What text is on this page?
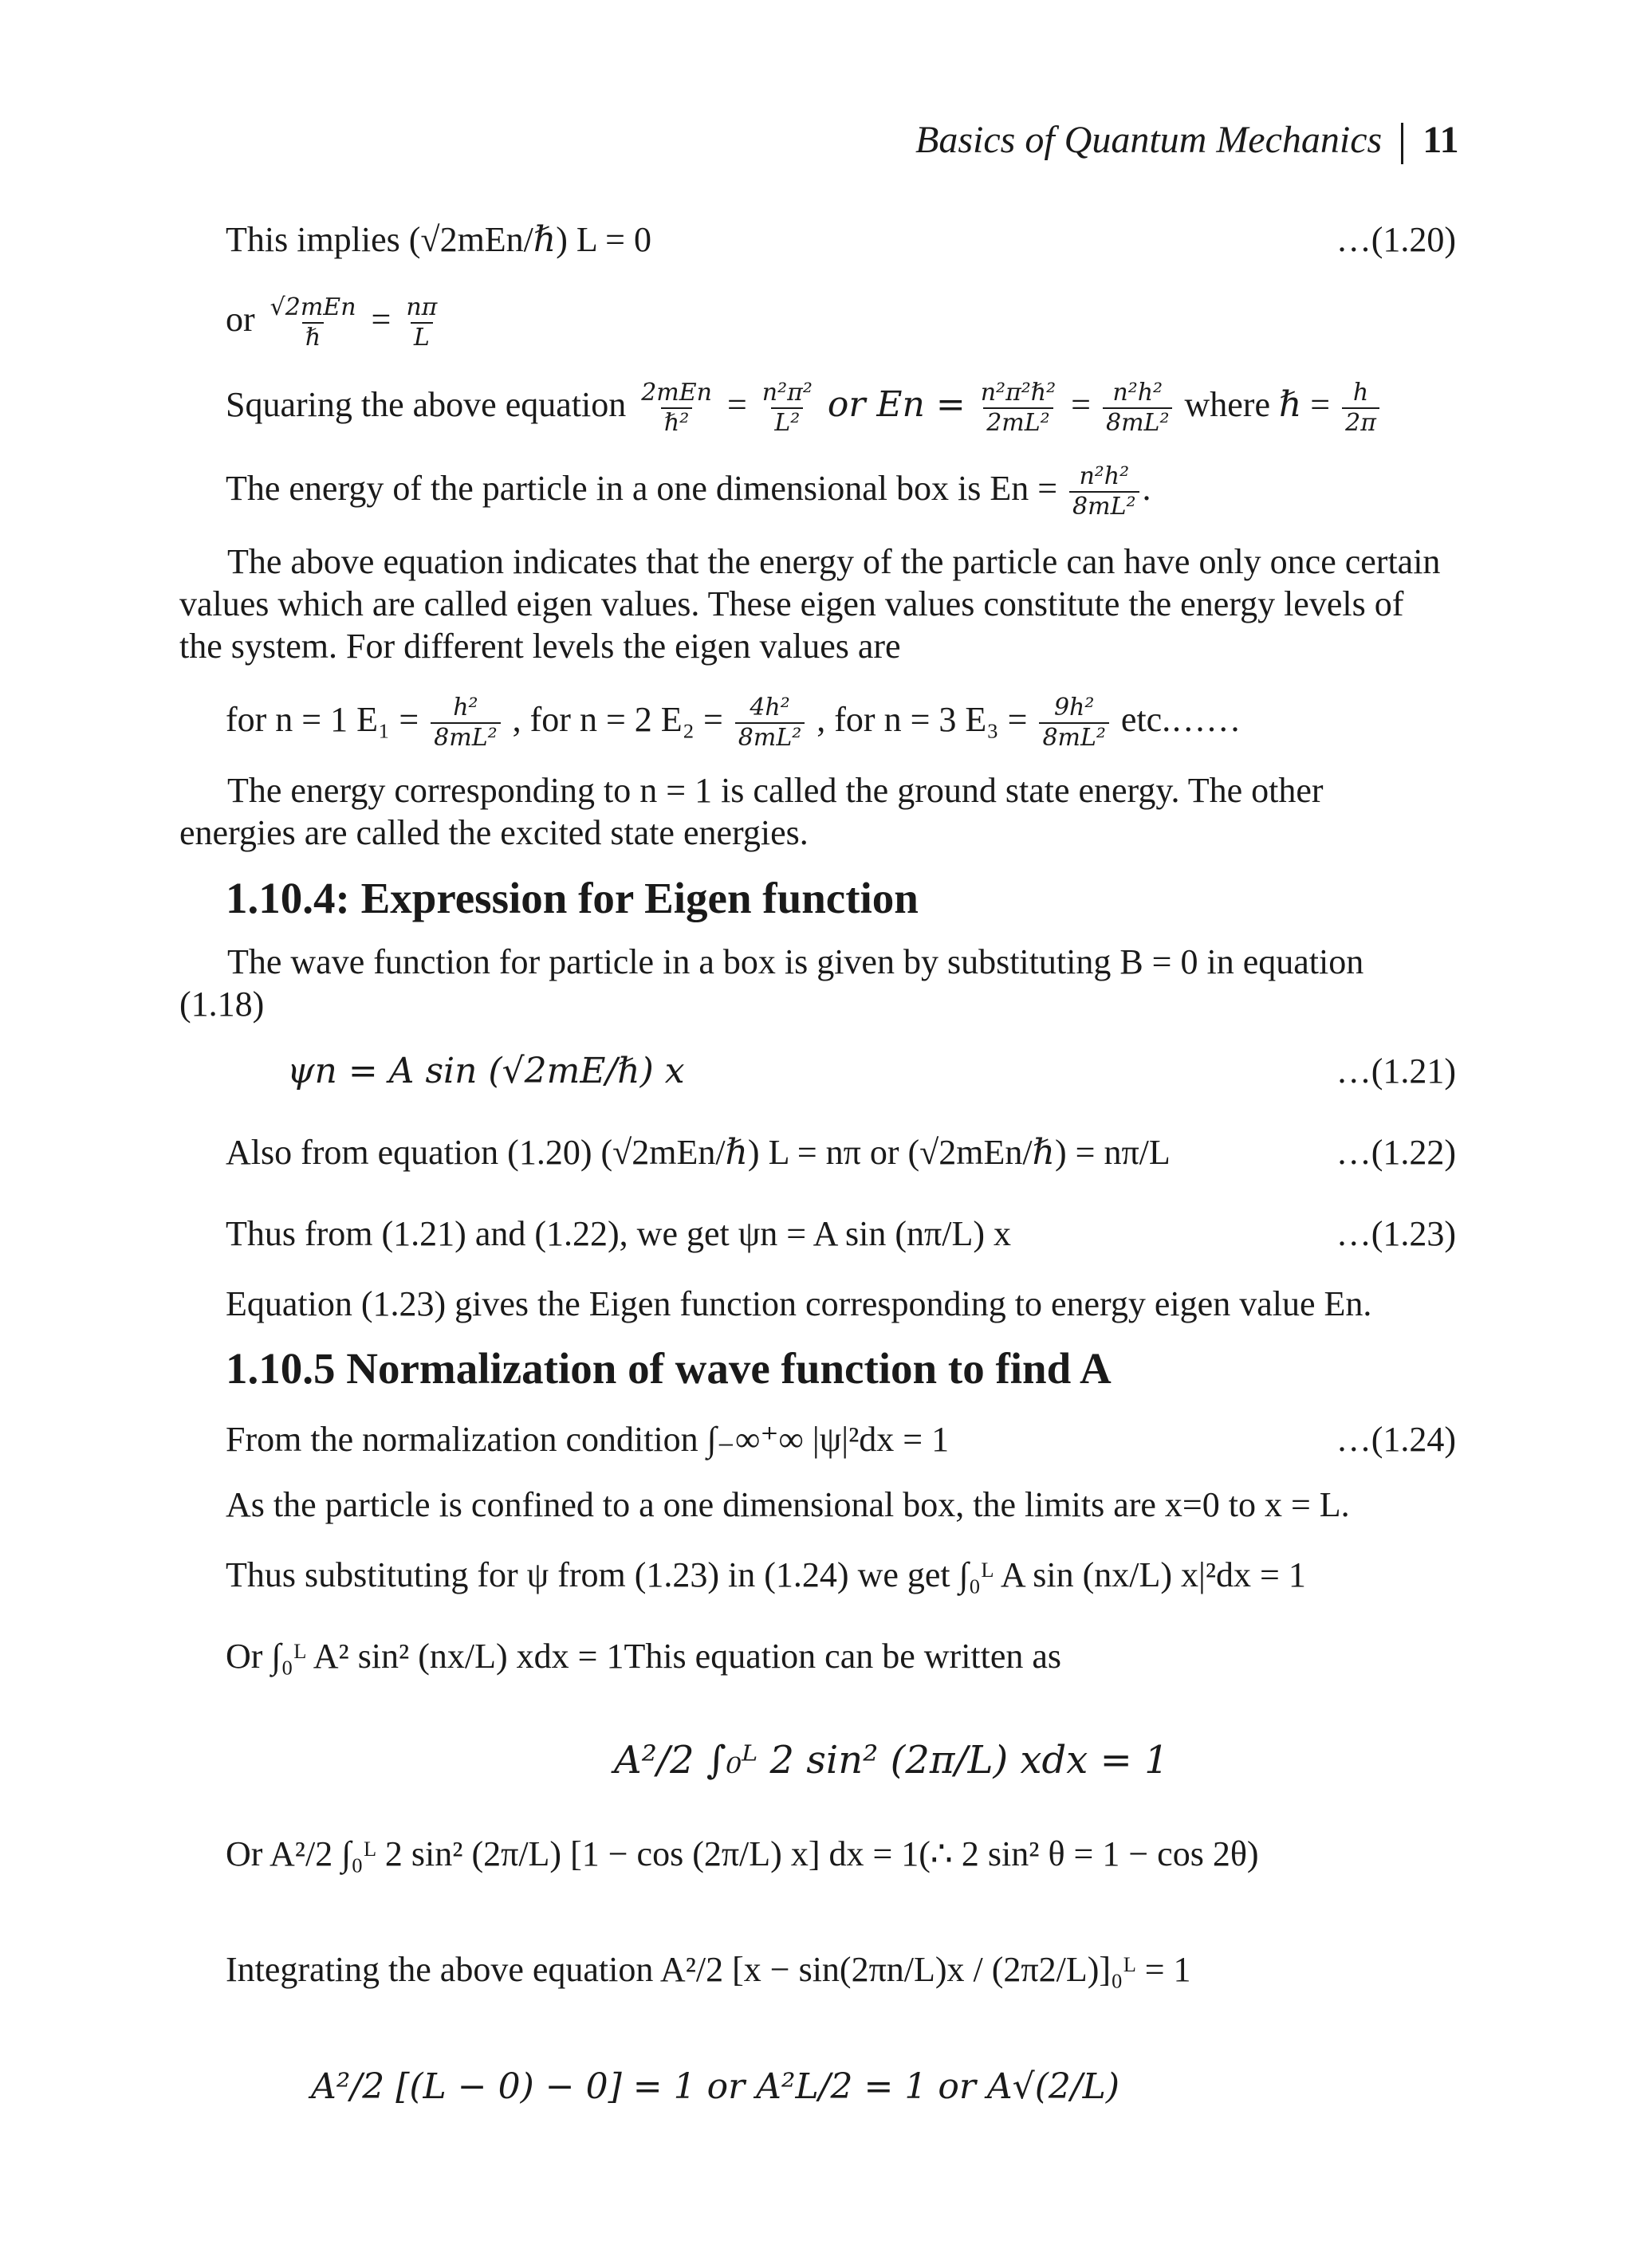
Basics of Quantum Mechanics 11
This implies (√2mEn/ℏ) L = 0	…(1.20)
or $\frac{\text{√2mEn}}{\text{ℏ}} = \frac{n\pi}{L}$
Squaring the above equation $\frac{\text{2mEn}}{\text{ℏ²}} = \frac{\text{n²π²}}{\text{L²}}$ or $En = \frac{\text{n²π²ℏ²}}{\text{2mL²}} = \frac{\text{n²h²}}{\text{8mL²}}$ where ℏ = $\frac{h}{2\pi}$
The energy of the particle in a one dimensional box is $En = \frac{\text{n²h²}}{\text{8mL²}}$ .
The above equation indicates that the energy of the particle can have only once certain values which are called eigen values. These eigen values constitute the energy levels of the system. For different levels the eigen values are
for n = 1 $E_1 = \frac{\text{h²}}{\text{8mL²}}$ , for n = 2 $E_2 = \frac{\text{4h²}}{\text{8mL²}}$ , for n = 3 $E_3 = \frac{\text{9h²}}{\text{8mL²}}$ etc.……
The energy corresponding to n = 1 is called the ground state energy. The other energies are called the excited state energies.
1.10.4: Expression for Eigen function
The wave function for particle in a box is given by substituting B = 0 in equation (1.18)
ψn = A sin (√2mE/ℏ) x	…(1.21)
Also from equation (1.20) (√2mEn/ℏ) L = nπ or (√2mEn/ℏ) = nπ/L	…(1.22)
Thus from (1.21) and (1.22), we get ψn = A sin (nπ/L) x	…(1.23)
Equation (1.23) gives the Eigen function corresponding to energy eigen value En.
1.10.5 Normalization of wave function to find A
From the normalization condition ∫₋∞⁺∞ |ψ|²dx = 1	…(1.24)
As the particle is confined to a one dimensional box, the limits are x=0 to x = L.
Thus substituting for ψ from (1.23) in (1.24) we get ∫₀ᴸ A sin (nx/L) x|²dx = 1
Or ∫₀ᴸ A² sin² (nx/L) xdx = 1This equation can be written as
A²/2 ∫₀ᴸ 2 sin² (2π/L) xdx = 1
Or A²/2 ∫₀ᴸ 2 sin² (2π/L) [1 − cos (2π/L) x] dx = 1(∴ 2 sin² θ = 1 − cos 2θ)
Integrating the above equation A²/2 [x − sin(2πn/L)x / (2π2/L)]₀ᴸ = 1
A²/2 [(L − 0) − 0] = 1 or A²L/2 = 1 or A√(2/L)
